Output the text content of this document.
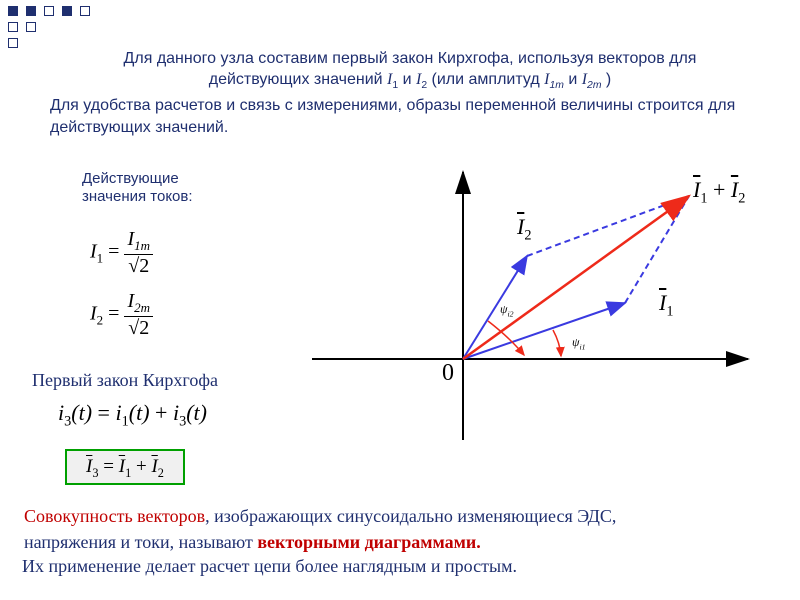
Для данного узла составим первый закон Кирхгофа, используя векторов для
действующих значений $I_1$ и $I_2$ (или амплитуд $I_{1m}$ и $I_{2m}$ )
Для удобства расчетов и связь с измерениями, образы переменной величины строится для действующих значений.
Действующие
значения токов:
$I_1 = \frac{I_{1m}}{√2}$
$I_2 = \frac{I_{2m}}{√2}$
Первый закон Кирхгофа
$i_3(t) = i_1(t) + i_3(t)$
$\overline{I}_3 = \overline{I}_1 + \overline{I}_2$
0
$\overline{I}_1 + \overline{I}_2$
$\overline{I}_2$
$\overline{I}_1$
$\psi_{i2}$
$\psi_{i1}$
Совокупность векторов, изображающих синусоидально изменяющиеся ЭДС,
напряжения и токи, называют векторными диаграммами.
Их применение делает расчет цепи более наглядным и простым.
